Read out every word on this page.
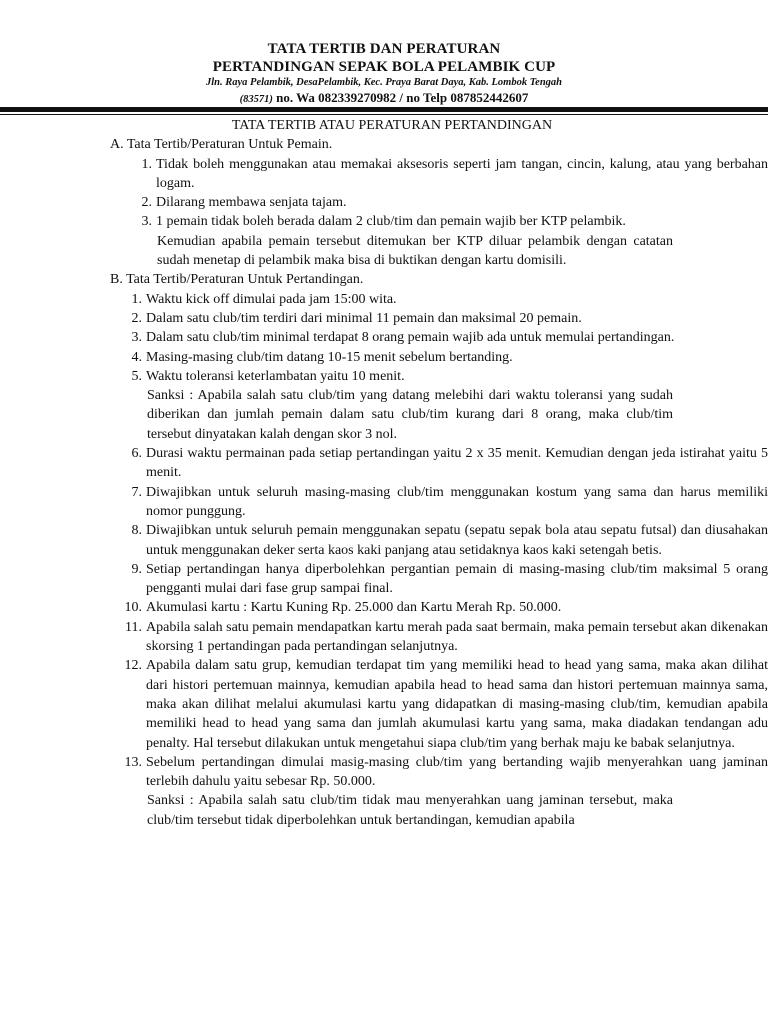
TATA TERTIB DAN PERATURAN
PERTANDINGAN SEPAK BOLA PELAMBIK CUP
Jln. Raya Pelambik, DesaPelambik, Kec. Praya Barat Daya, Kab. Lombok Tengah
(83571) no. Wa 082339270982 / no Telp 087852442607
TATA TERTIB ATAU PERATURAN PERTANDINGAN
A. Tata Tertib/Peraturan Untuk Pemain.
1. Tidak boleh menggunakan atau memakai aksesoris seperti jam tangan, cincin, kalung, atau yang berbahan logam.
2. Dilarang membawa senjata tajam.
3. 1 pemain tidak boleh berada dalam 2 club/tim dan pemain wajib ber KTP pelambik.
Kemudian apabila pemain tersebut ditemukan ber KTP diluar pelambik dengan catatan sudah menetap di pelambik maka bisa di buktikan dengan kartu domisili.
B. Tata Tertib/Peraturan Untuk Pertandingan.
1. Waktu kick off dimulai pada jam 15:00 wita.
2. Dalam satu club/tim terdiri dari minimal 11 pemain dan maksimal 20 pemain.
3. Dalam satu club/tim minimal terdapat 8 orang pemain wajib ada untuk memulai pertandingan.
4. Masing-masing club/tim datang 10-15 menit sebelum bertanding.
5. Waktu toleransi keterlambatan yaitu 10 menit.
Sanksi : Apabila salah satu club/tim yang datang melebihi dari waktu toleransi yang sudah diberikan dan jumlah pemain dalam satu club/tim kurang dari 8 orang, maka club/tim tersebut dinyatakan kalah dengan skor 3 nol.
6. Durasi waktu permainan pada setiap pertandingan yaitu 2 x 35 menit. Kemudian dengan jeda istirahat yaitu 5 menit.
7. Diwajibkan untuk seluruh masing-masing club/tim menggunakan kostum yang sama dan harus memiliki nomor punggung.
8. Diwajibkan untuk seluruh pemain menggunakan sepatu (sepatu sepak bola atau sepatu futsal) dan diusahakan untuk menggunakan deker serta kaos kaki panjang atau setidaknya kaos kaki setengah betis.
9. Setiap pertandingan hanya diperbolehkan pergantian pemain di masing-masing club/tim maksimal 5 orang pengganti mulai dari fase grup sampai final.
10. Akumulasi kartu : Kartu Kuning Rp. 25.000 dan Kartu Merah Rp. 50.000.
11. Apabila salah satu pemain mendapatkan kartu merah pada saat bermain, maka pemain tersebut akan dikenakan skorsing 1 pertandingan pada pertandingan selanjutnya.
12. Apabila dalam satu grup, kemudian terdapat tim yang memiliki head to head yang sama, maka akan dilihat dari histori pertemuan mainnya, kemudian apabila head to head sama dan histori pertemuan mainnya sama, maka akan dilihat melalui akumulasi kartu yang didapatkan di masing-masing club/tim, kemudian apabila memiliki head to head yang sama dan jumlah akumulasi kartu yang sama, maka diadakan tendangan adu penalty. Hal tersebut dilakukan untuk mengetahui siapa club/tim yang berhak maju ke babak selanjutnya.
13. Sebelum pertandingan dimulai masig-masing club/tim yang bertanding wajib menyerahkan uang jaminan terlebih dahulu yaitu sebesar Rp. 50.000.
Sanksi : Apabila salah satu club/tim tidak mau menyerahkan uang jaminan tersebut, maka club/tim tersebut tidak diperbolehkan untuk bertandingan, kemudian apabila
